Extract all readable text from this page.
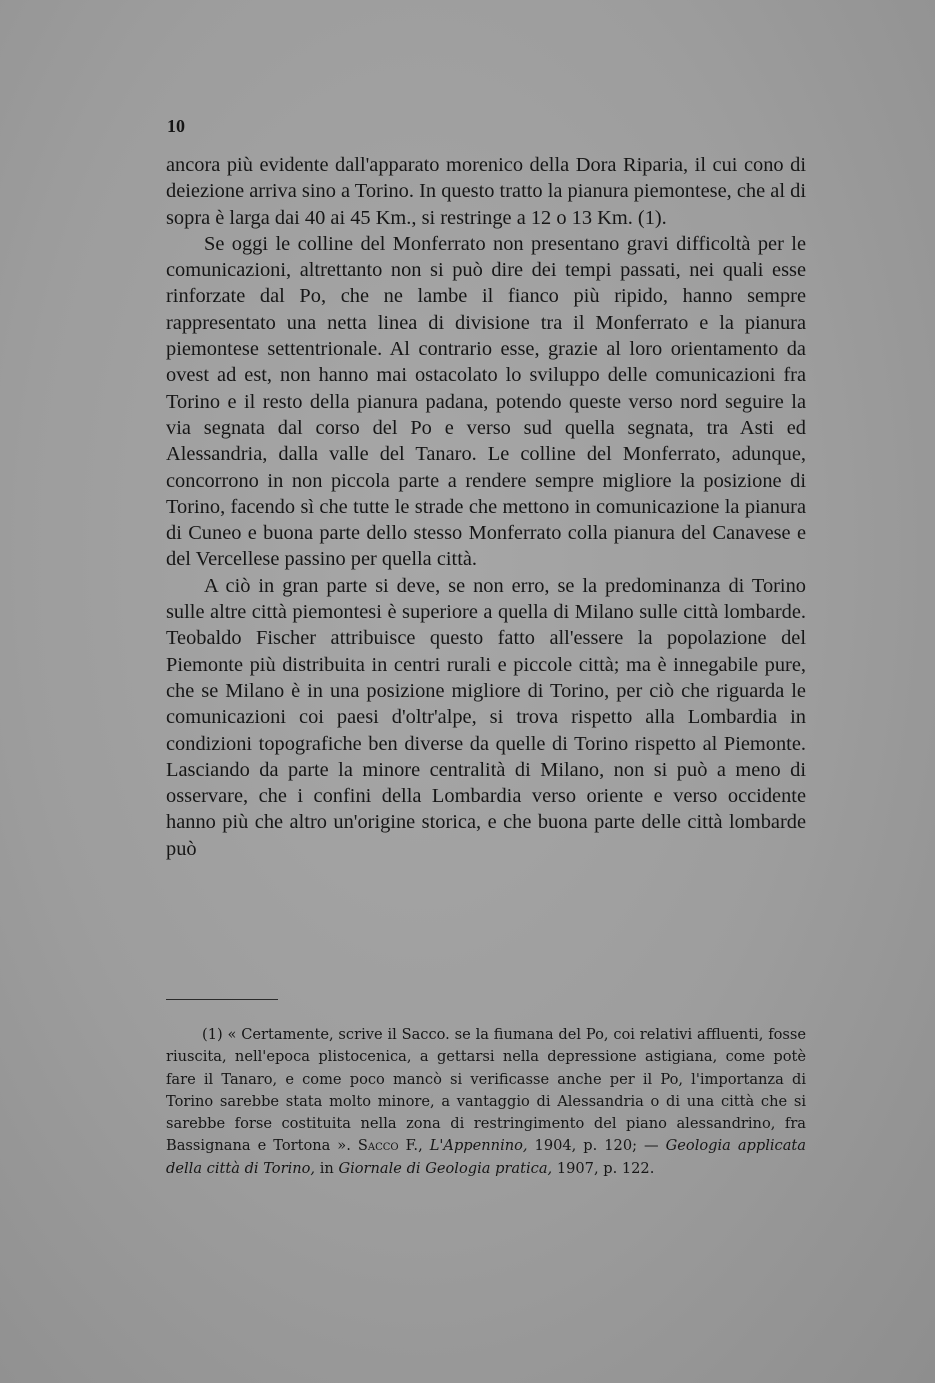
10

ancora più evidente dall'apparato morenico della Dora Riparia, il cui cono di deiezione arriva sino a Torino. In questo tratto la pianura piemontese, che al di sopra è larga dai 40 ai 45 Km., si restringe a 12 o 13 Km. (1).

Se oggi le colline del Monferrato non presentano gravi difficoltà per le comunicazioni, altrettanto non si può dire dei tempi passati, nei quali esse rinforzate dal Po, che ne lambe il fianco più ripido, hanno sempre rappresentato una netta linea di divisione tra il Monferrato e la pianura piemontese settentrionale. Al contrario esse, grazie al loro orientamento da ovest ad est, non hanno mai ostacolato lo sviluppo delle comunicazioni fra Torino e il resto della pianura padana, potendo queste verso nord seguire la via segnata dal corso del Po e verso sud quella segnata, tra Asti ed Alessandria, dalla valle del Tanaro. Le colline del Monferrato, adunque, concorrono in non piccola parte a rendere sempre migliore la posizione di Torino, facendo sì che tutte le strade che mettono in comunicazione la pianura di Cuneo e buona parte dello stesso Monferrato colla pianura del Canavese e del Vercellese passino per quella città.

A ciò in gran parte si deve, se non erro, se la predominanza di Torino sulle altre città piemontesi è superiore a quella di Milano sulle città lombarde. Teobaldo Fischer attribuisce questo fatto all'essere la popolazione del Piemonte più distribuita in centri rurali e piccole città; ma è innegabile pure, che se Milano è in una posizione migliore di Torino, per ciò che riguarda le comunicazioni coi paesi d'oltr'alpe, si trova rispetto alla Lombardia in condizioni topografiche ben diverse da quelle di Torino rispetto al Piemonte. Lasciando da parte la minore centralità di Milano, non si può a meno di osservare, che i confini della Lombardia verso oriente e verso occidente hanno più che altro un'origine storica, e che buona parte delle città lombarde può

(1) « Certamente, scrive il Sacco. se la fiumana del Po, coi relativi affluenti, fosse riuscita, nell'epoca plistocenica, a gettarsi nella depressione astigiana, come potè fare il Tanaro, e come poco mancò si verificasse anche per il Po, l'importanza di Torino sarebbe stata molto minore, a vantaggio di Alessandria o di una città che si sarebbe forse costituita nella zona di restringimento del piano alessandrino, fra Bassignana e Tortona ». Sacco F., L'Appennino, 1904, p. 120; — Geologia applicata della città di Torino, in Giornale di Geologia pratica, 1907, p. 122.
